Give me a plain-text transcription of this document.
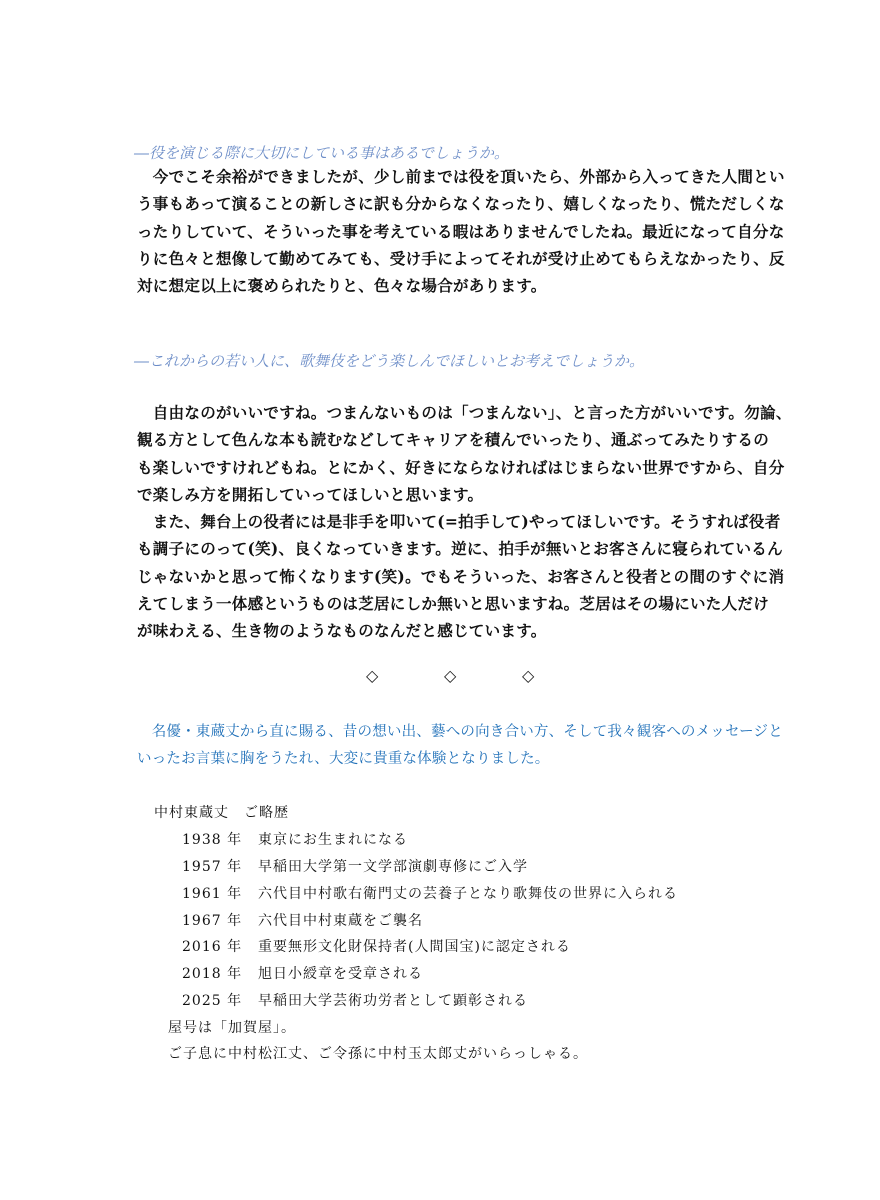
―役を演じる際に大切にしている事はあるでしょうか。
　今でこそ余裕ができましたが、少し前までは役を頂いたら、外部から入ってきた人間とい
う事もあって演ることの新しさに訳も分からなくなったり、嬉しくなったり、慌ただしくな
ったりしていて、そういった事を考えている暇はありませんでしたね。最近になって自分な
りに色々と想像して勤めてみても、受け手によってそれが受け止めてもらえなかったり、反
対に想定以上に褒められたりと、色々な場合があります。
―これからの若い人に、歌舞伎をどう楽しんでほしいとお考えでしょうか。
　自由なのがいいですね。つまんないものは「つまんない」、と言った方がいいです。勿論、
観る方として色んな本も読むなどしてキャリアを積んでいったり、通ぶってみたりするの
も楽しいですけれどもね。とにかく、好きにならなければはじまらない世界ですから、自分
で楽しみ方を開拓していってほしいと思います。
　また、舞台上の役者には是非手を叩いて(=拍手して)やってほしいです。そうすれば役者
も調子にのって(笑)、良くなっていきます。逆に、拍手が無いとお客さんに寝られているん
じゃないかと思って怖くなります(笑)。でもそういった、お客さんと役者との間のすぐに消
えてしまう一体感というものは芝居にしか無いと思いますね。芝居はその場にいた人だけ
が味わえる、生き物のようなものなんだと感じています。
◇	◇	◇
　名優・東蔵丈から直に賜る、昔の想い出、藝への向き合い方、そして我々観客へのメッセージと
いったお言葉に胸をうたれ、大変に貴重な体験となりました。
中村東蔵丈　ご略歴
1938 年 東京にお生まれになる
1957 年 早稲田大学第一文学部演劇専修にご入学
1961 年 六代目中村歌右衛門丈の芸養子となり歌舞伎の世界に入られる
1967 年 六代目中村東蔵をご襲名
2016 年 重要無形文化財保持者(人間国宝)に認定される
2018 年 旭日小綬章を受章される
2025 年 早稲田大学芸術功労者として顕彰される
屋号は「加賀屋」。
ご子息に中村松江丈、ご令孫に中村玉太郎丈がいらっしゃる。
